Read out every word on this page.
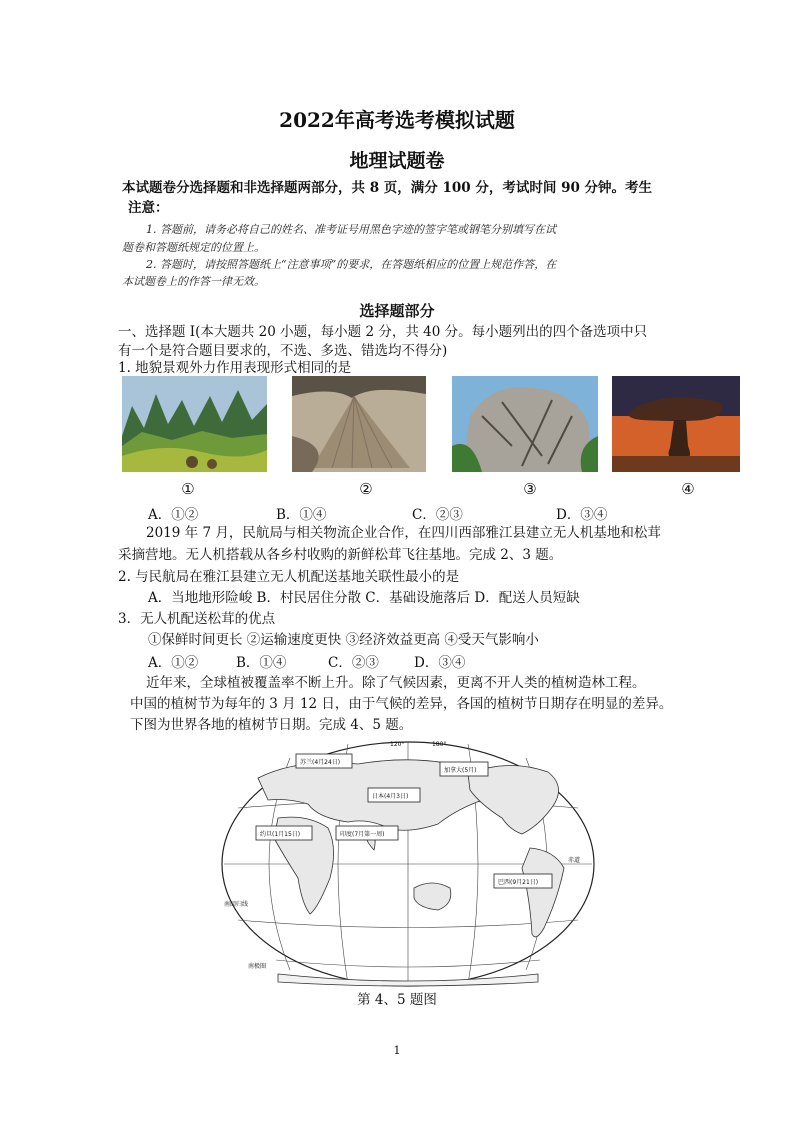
2022年高考选考模拟试题
地理试题卷
本试题卷分选择题和非选择题两部分，共 8 页，满分 100 分，考试时间 90 分钟。考生
注意：
1. 答题前，请务必将自己的姓名、准考证号用黑色字迹的签字笔或钢笔分别填写在试
题卷和答题纸规定的位置上。
2. 答题时，请按照答题纸上“注意事项”的要求，在答题纸相应的位置上规范作答，在
本试题卷上的作答一律无效。
选择题部分
一、选择题 I(本大题共 20 小题，每小题 2 分，共 40 分。每小题列出的四个备选项中只
有一个是符合题目要求的，不选、多选、错选均不得分)
1. 地貌景观外力作用表现形式相同的是
①	②	③	④
A．①②	B．①④	C．②③	D．③④
2019 年 7 月，民航局与相关物流企业合作，在四川西部雅江县建立无人机基地和松茸
采摘营地。无人机搭载从各乡村收购的新鲜松茸飞往基地。完成 2、3 题。
2. 与民航局在雅江县建立无人机配送基地关联性最小的是
A．当地地形险峻 B．村民居住分散 C．基础设施落后 D．配送人员短缺
3．无人机配送松茸的优点
①保鲜时间更长 ②运输速度更快 ③经济效益更高 ④受天气影响小
A．①②	B．①④	C．②③	D．③④
近年来，全球植被覆盖率不断上升。除了气候因素，更离不开人类的植树造林工程。
中国的植树节为每年的 3 月 12 日，由于气候的差异，各国的植树节日期存在明显的差异。
下图为世界各地的植树节日期。完成 4、5 题。
120°	180°
苏兰(4月24日)
加拿大(5月)
日本(4月3日)
约旦(1月15日)	印度(7月第一周)
巴西(9月21日)
赤道
南回归线
南极圈
第 4、5 题图
1
